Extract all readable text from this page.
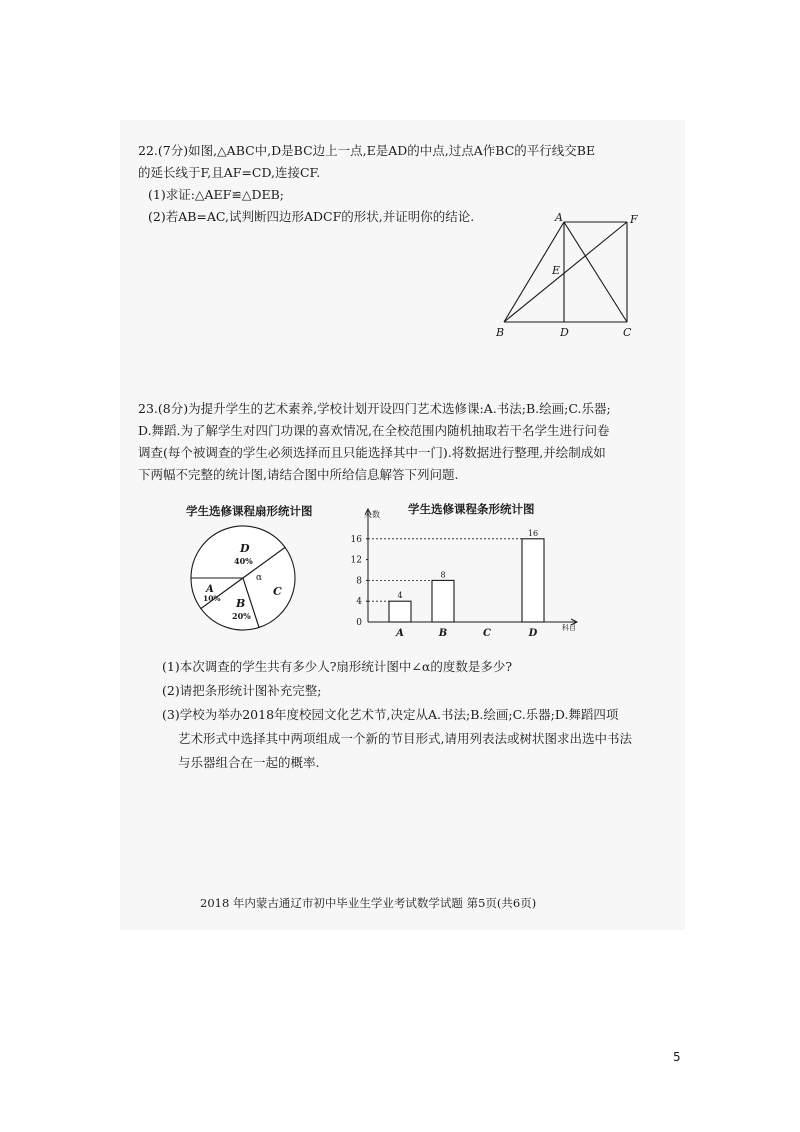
22.(7分)如图,△ABC中,D是BC边上一点,E是AD的中点,过点A作BC的平行线交BE
的延长线于F,且AF=CD,连接CF.
(1)求证:△AEF≌△DEB;
(2)若AB=AC,试判断四边形ADCF的形状,并证明你的结论.	A	F
E
B	D	C
23.(8分)为提升学生的艺术素养,学校计划开设四门艺术选修课:A.书法;B.绘画;C.乐器;
D.舞蹈.为了解学生对四门功课的喜欢情况,在全校范围内随机抽取若干名学生进行问卷
调查(每个被调查的学生必须选择而且只能选择其中一门).将数据进行整理,并绘制成如
下两幅不完整的统计图,请结合图中所给信息解答下列问题.
学生选修课程扇形统计图
D
40%
A
10% B
20%
C
α
学生选修课程条形统计图
0
4
8
12
16
人数
科目
A
4
B
8
C	D
16
(1)本次调查的学生共有多少人?扇形统计图中∠α的度数是多少?
(2)请把条形统计图补充完整;
(3)学校为举办2018年度校园文化艺术节,决定从A.书法;B.绘画;C.乐器;D.舞蹈四项
艺术形式中选择其中两项组成一个新的节目形式,请用列表法或树状图求出选中书法
与乐器组合在一起的概率.
2018 年内蒙古通辽市初中毕业生学业考试数学试题 第5页(共6页)
5
